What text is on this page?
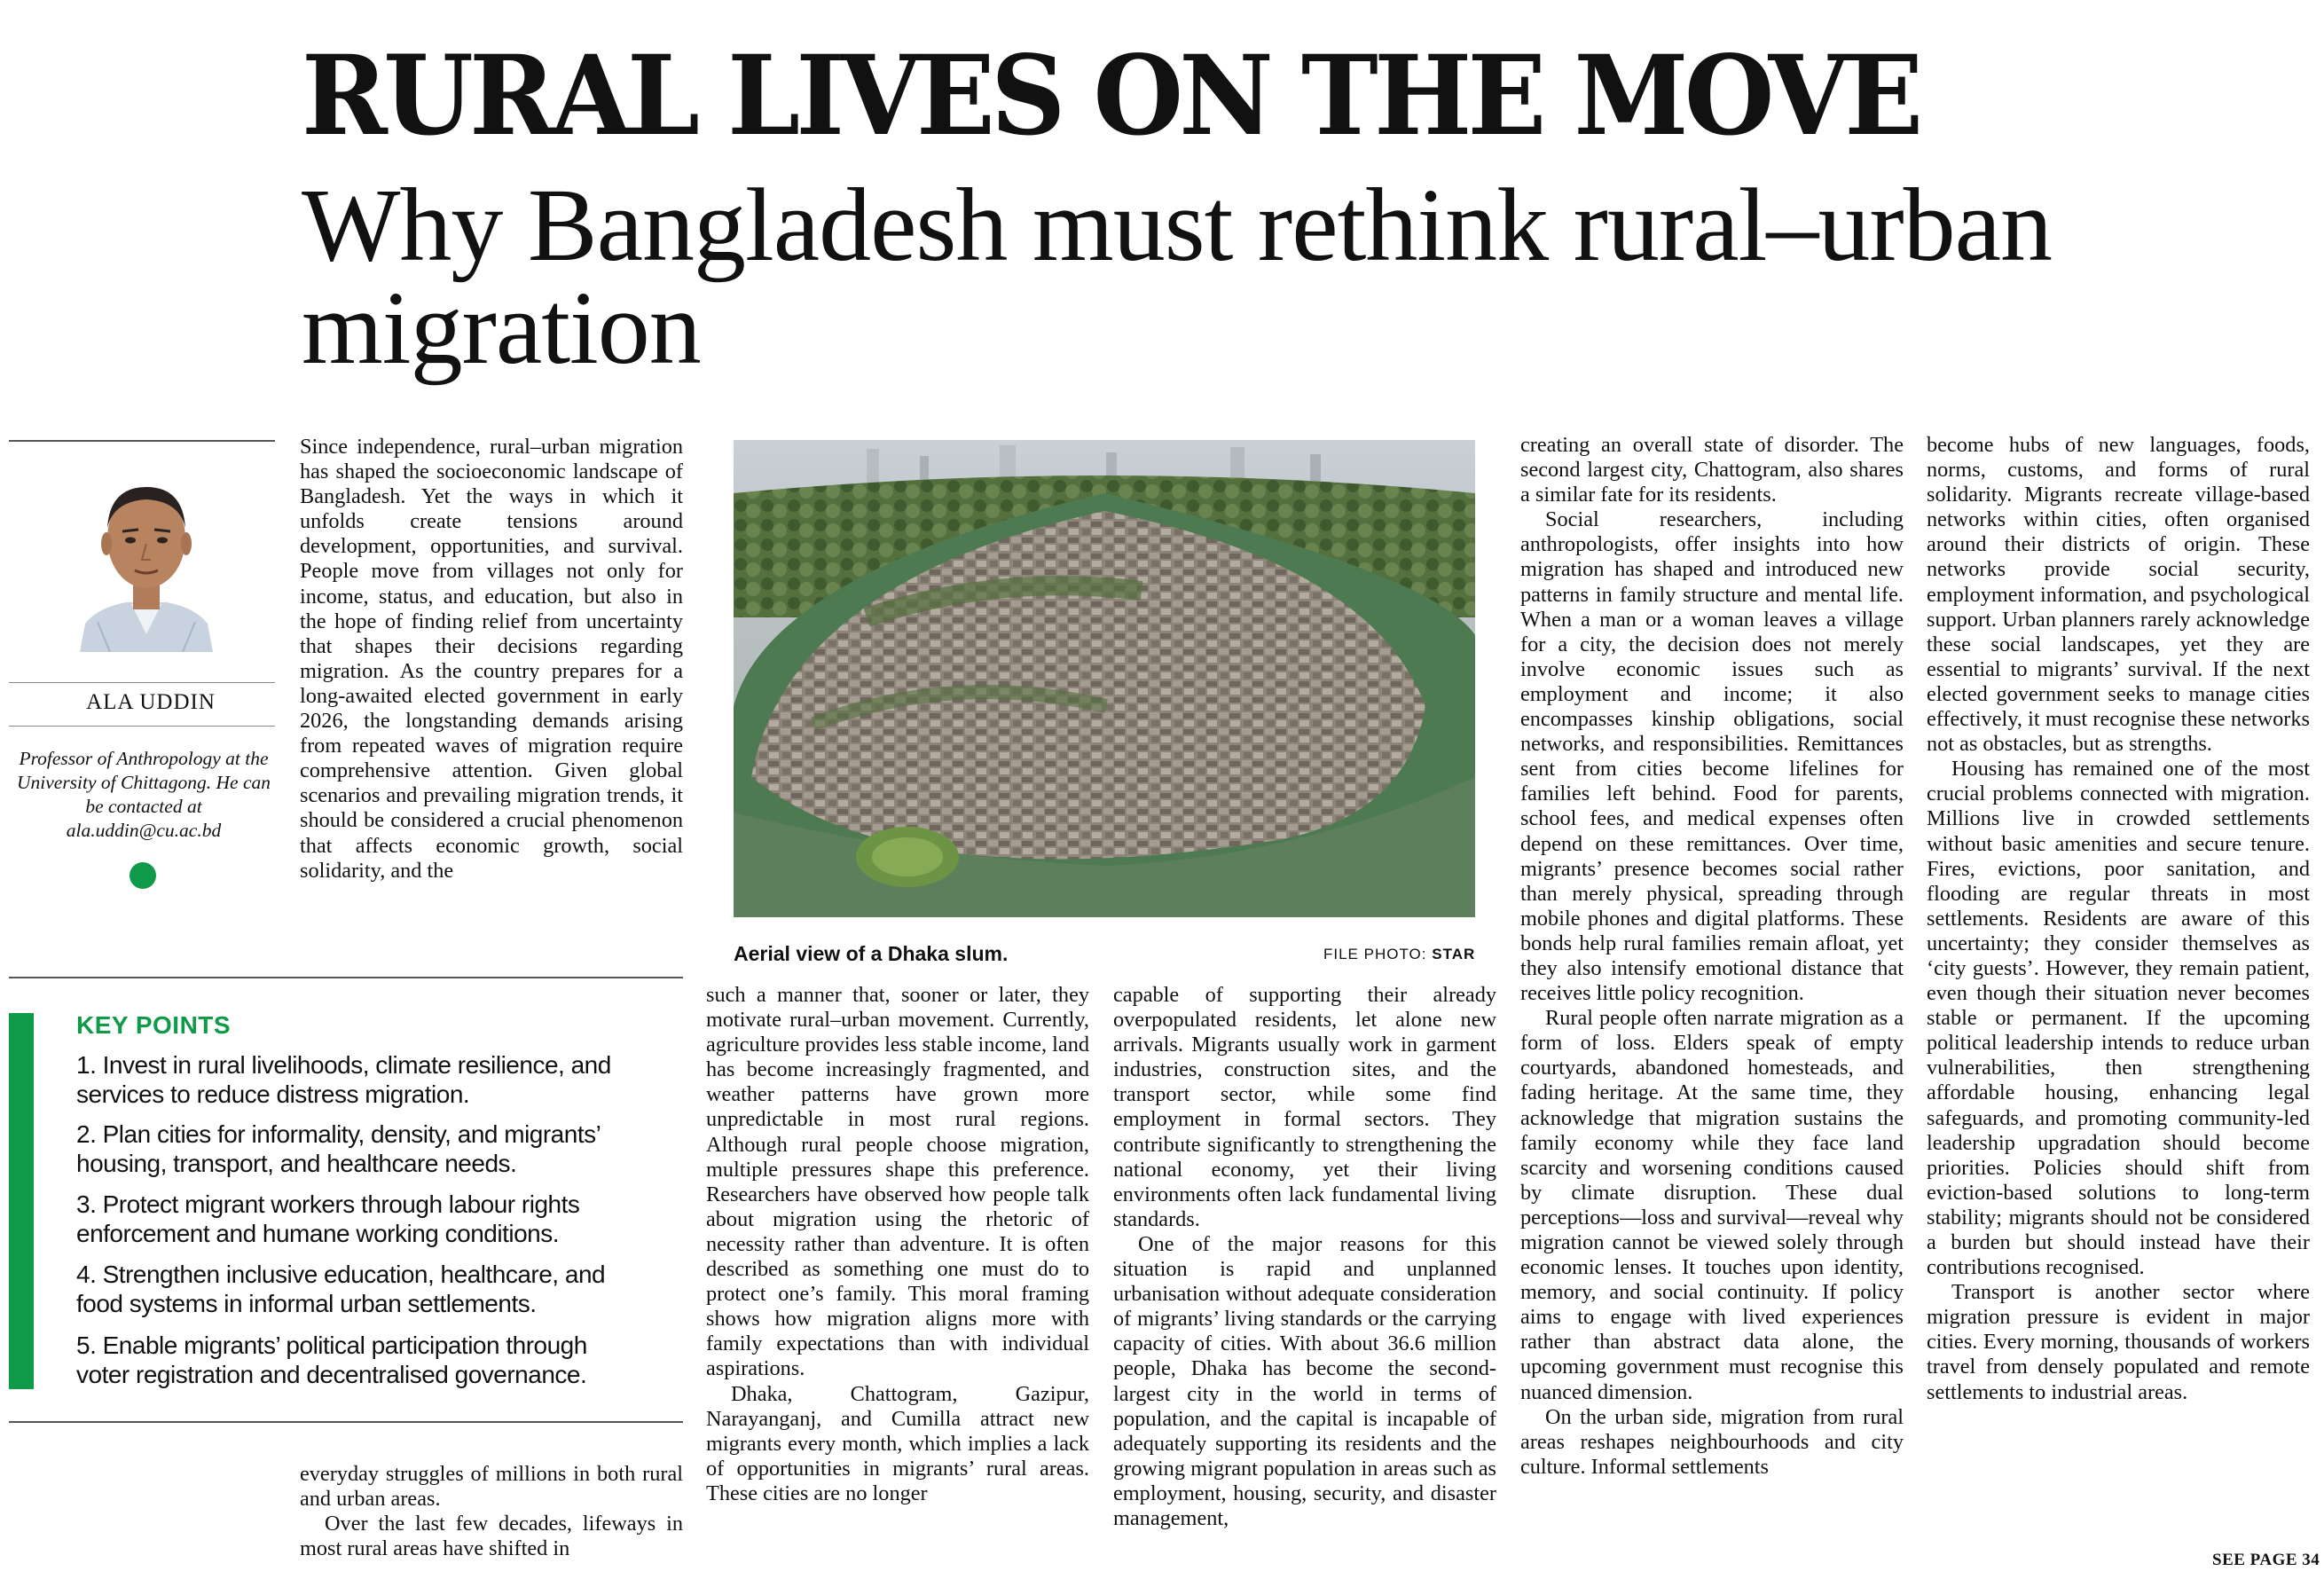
RURAL LIVES ON THE MOVE
Why Bangladesh must rethink rural–urban migration
ALA UDDIN
Professor of Anthropology at the University of Chittagong. He can be contacted at ala.uddin@cu.ac.bd

Since independence, rural–urban migration has shaped the socioeconomic landscape of Bangladesh. Yet the ways in which it unfolds create tensions around development, opportunities, and survival. People move from villages not only for income, status, and education, but also in the hope of finding relief from uncertainty that shapes their decisions regarding migration. As the country prepares for a long-awaited elected government in early 2026, the longstanding demands arising from repeated waves of migration require comprehensive attention. Given global scenarios and prevailing migration trends, it should be considered a crucial phenomenon that affects economic growth, social solidarity, and the

Aerial view of a Dhaka slum.	FILE PHOTO: STAR
KEY POINTS
1. Invest in rural livelihoods, climate resilience, and services to reduce distress migration.
2. Plan cities for informality, density, and migrants’ housing, transport, and healthcare needs.
3. Protect migrant workers through labour rights enforcement and humane working conditions.
4. Strengthen inclusive education, healthcare, and food systems in informal urban settlements.
5. Enable migrants’ political participation through voter registration and decentralised governance.

everyday struggles of millions in both rural and urban areas.

Over the last few decades, lifeways in most rural areas have shifted in

such a manner that, sooner or later, they motivate rural–urban movement. Currently, agriculture provides less stable income, land has become increasingly fragmented, and weather patterns have grown more unpredictable in most rural regions. Although rural people choose migration, multiple pressures shape this preference. Researchers have observed how people talk about migration using the rhetoric of necessity rather than adventure. It is often described as something one must do to protect one’s family. This moral framing shows how migration aligns more with family expectations than with individual aspirations.

Dhaka, Chattogram, Gazipur, Narayanganj, and Cumilla attract new migrants every month, which implies a lack of opportunities in migrants’ rural areas. These cities are no longer

capable of supporting their already overpopulated residents, let alone new arrivals. Migrants usually work in garment industries, construction sites, and the transport sector, while some find employment in formal sectors. They contribute significantly to strengthening the national economy, yet their living environments often lack fundamental living standards.

One of the major reasons for this situation is rapid and unplanned urbanisation without adequate consideration of migrants’ living standards or the carrying capacity of cities. With about 36.6 million people, Dhaka has become the second-largest city in the world in terms of population, and the capital is incapable of adequately supporting its residents and the growing migrant population in areas such as employment, housing, security, and disaster management,

creating an overall state of disorder. The second largest city, Chattogram, also shares a similar fate for its residents.

Social researchers, including anthropologists, offer insights into how migration has shaped and introduced new patterns in family structure and mental life. When a man or a woman leaves a village for a city, the decision does not merely involve economic issues such as employment and income; it also encompasses kinship obligations, social networks, and responsibilities. Remittances sent from cities become lifelines for families left behind. Food for parents, school fees, and medical expenses often depend on these remittances. Over time, migrants’ presence becomes social rather than merely physical, spreading through mobile phones and digital platforms. These bonds help rural families remain afloat, yet they also intensify emotional distance that receives little policy recognition.

Rural people often narrate migration as a form of loss. Elders speak of empty courtyards, abandoned homesteads, and fading heritage. At the same time, they acknowledge that migration sustains the family economy while they face land scarcity and worsening conditions caused by climate disruption. These dual perceptions—loss and survival—reveal why migration cannot be viewed solely through economic lenses. It touches upon identity, memory, and social continuity. If policy aims to engage with lived experiences rather than abstract data alone, the upcoming government must recognise this nuanced dimension.

On the urban side, migration from rural areas reshapes neighbourhoods and city culture. Informal settlements

become hubs of new languages, foods, norms, customs, and forms of rural solidarity. Migrants recreate village-based networks within cities, often organised around their districts of origin. These networks provide social security, employment information, and psychological support. Urban planners rarely acknowledge these social landscapes, yet they are essential to migrants’ survival. If the next elected government seeks to manage cities effectively, it must recognise these networks not as obstacles, but as strengths.

Housing has remained one of the most crucial problems connected with migration. Millions live in crowded settlements without basic amenities and secure tenure. Fires, evictions, poor sanitation, and flooding are regular threats in most settlements. Residents are aware of this uncertainty; they consider themselves as ‘city guests’. However, they remain patient, even though their situation never becomes stable or permanent. If the upcoming political leadership intends to reduce urban vulnerabilities, then strengthening affordable housing, enhancing legal safeguards, and promoting community-led leadership upgradation should become priorities. Policies should shift from eviction-based solutions to long-term stability; migrants should not be considered a burden but should instead have their contributions recognised.

Transport is another sector where migration pressure is evident in major cities. Every morning, thousands of workers travel from densely populated and remote settlements to industrial areas.

SEE PAGE 34
